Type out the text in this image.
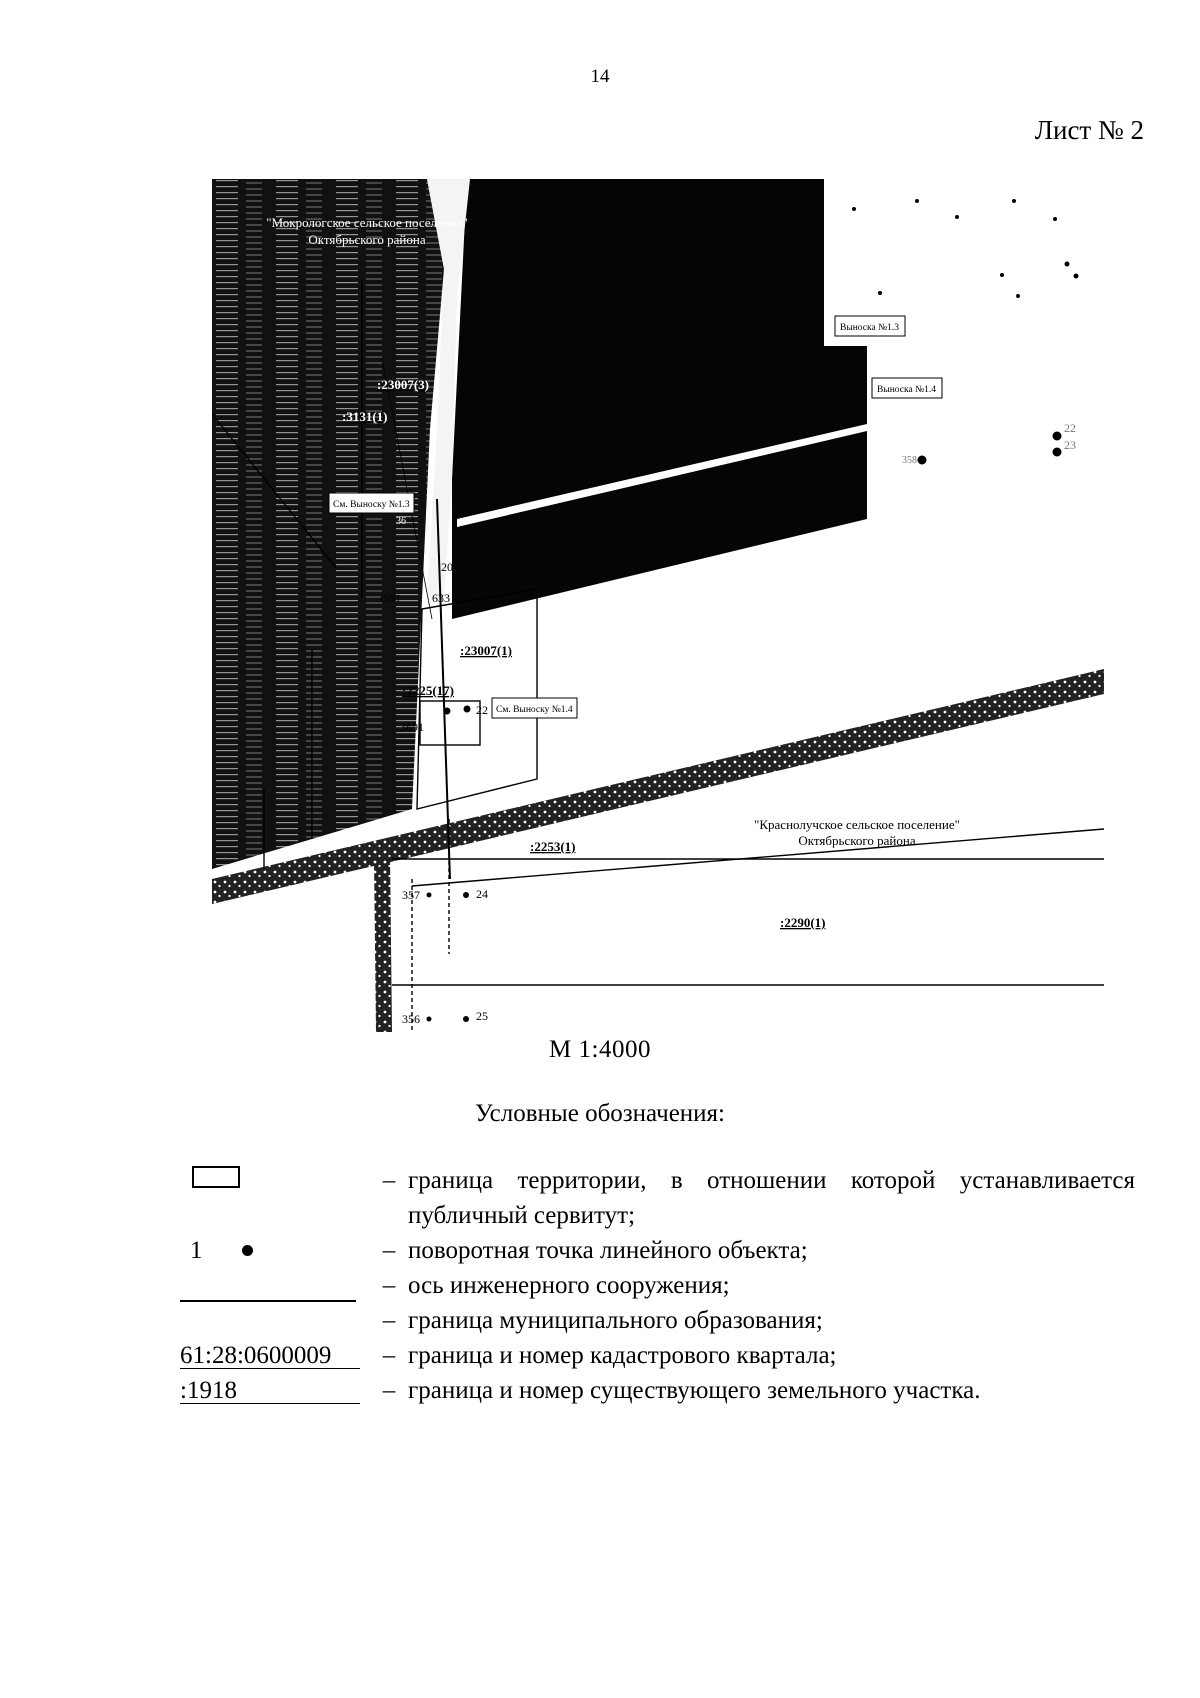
14
Лист № 2
Выноска №1.3
Выноска №1.4
См. Выноску №1.3
См. Выноску №1.4
"Мокрологское сельское поселение"
Октябрьского района
"Краснолучское сельское поселение"
Октябрьского района
:23007(3)
:3131(1)
:23007(1)
:2225(17)
:2253(1)
:2290(1)
633
3591
3691
20
22
22
23
24
25
357
356
358
36
М 1:4000
Условные обозначения:
– граница территории, в отношении которой устанавливается публичный сервитут;
1	– поворотная точка линейного объекта;
– ось инженерного сооружения;
– граница муниципального образования;
61:28:0600009	– граница и номер кадастрового квартала;
:1918	– граница и номер существующего земельного участка.
